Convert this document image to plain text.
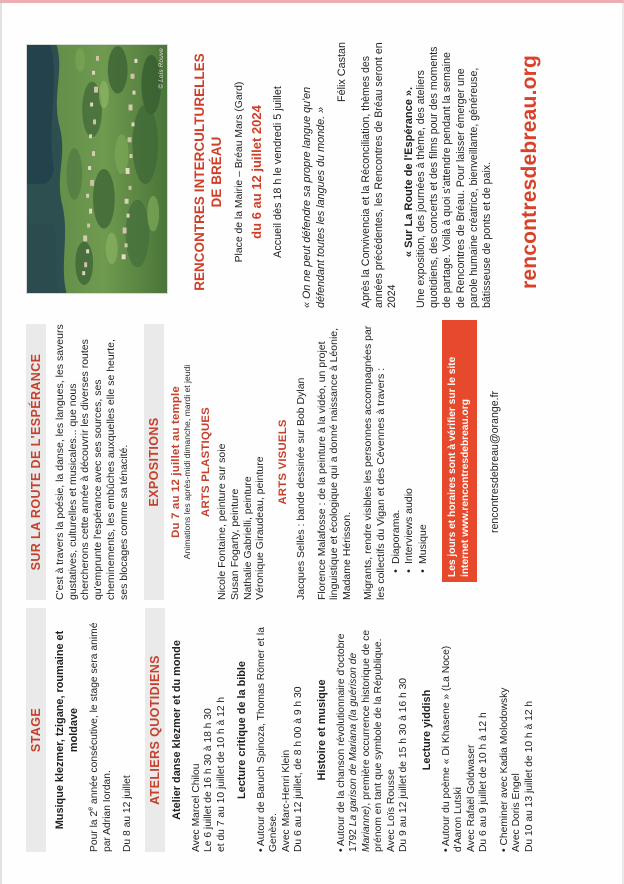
STAGE Musique klezmer, tzigane, roumaine et moldave
Pour la 2e année consécutive, le stage sera animé par Adrian Iordan. Du 8 au 12 juillet
ATELIERS QUOTIDIENS Atelier danse klezmer et du monde Avec Marcel Chilou Le 6 juillet de 16 h 30 à 18 h 30 et du 7 au 10 juillet de 10 h à 12 h Lecture critique de la bible • Autour de Baruch Spinoza, Thomas Römer et la Genèse. Avec Marc-Henri Klein Du 6 au 12 juillet, de 8 h 00 à 9 h 30 Histoire et musique • Autour de la chanson révolutionnaire d'octobre 1792 La garison de Mariana (la guérison de Marianne), première occurrence historique de ce prénom en tant que symbole de la République. Avec Loïs Rousse Du 9 au 12 juillet de 15 h 30 à 16 h 30 Lecture yiddish • Autour du poème « Di Khasene » (La Noce) d'Aaron Lutski Avec Rafaël Goldwaser Du 6 au 9 juillet de 10 h à 12 h • Cheminer avec Kadia Molodowsky Avec Doris Engel Du 10 au 13 juillet de 10 h à 12 h
SUR LA ROUTE DE L'ESPÉRANCE C'est à travers la poésie, la danse, les langues, les saveurs gustatives, culturelles et musicales... que nous chercherons cette année à découvrir les diverses routes qu'emprunte l'espérance avec ses sources, ses cheminements, les embûches auxquelles elle se heurte, ses blocages comme sa ténacité. EXPOSITIONS Du 7 au 12 juillet au temple Animations les après-midi dimanche, mardi et jeudi ARTS PLASTIQUES Nicole Fontaine, peinture sur soie Susan Fogarty, peinture Nathalie Gabrielli, peinture Véronique Giraudeau, peinture ARTS VISUELS Jacques Sellès : bande dessinée sur Bob Dylan Florence Malafosse : de la peinture à la vidéo, un projet linguistique et écologique qui a donné naissance à Léonie, Madame Hérisson. Migrants, rendre visibles les personnes accompagnées par les collectifs du Vigan et des Cévennes à travers : •
Diaporama.
•
Interviews audio
•
Musique	Les jours et horaires sont à vérifier sur le site internet www.rencontresdebreau.org	rencontresdebreau@orange.fr
© Loïs Rouve RENCONTRES INTERCULTURELLES DE BRÉAU Place de la Mairie – Bréau Mars (Gard) du 6 au 12 juillet 2024 Accueil dès 18 h le vendredi 5 juillet « On ne peut défendre sa propre langue qu'en défendant toutes les langues du monde. »
Félix Castan Après la Convivencia et la Réconciliation, thèmes des années précédentes, les Rencontres de Bréau seront en 2024
« Sur La Route de l'Espérance ». Une exposition, des journées à thème, des ateliers quotidiens, des concerts et des films pour des moments de partage. Voilà à quoi s'attendre pendant la semaine de Rencontres de Bréau. Pour laisser émerger une parole humaine créatrice, bienveillante, généreuse, bâtisseuse de ponts et de paix. rencontresdebreau.org
